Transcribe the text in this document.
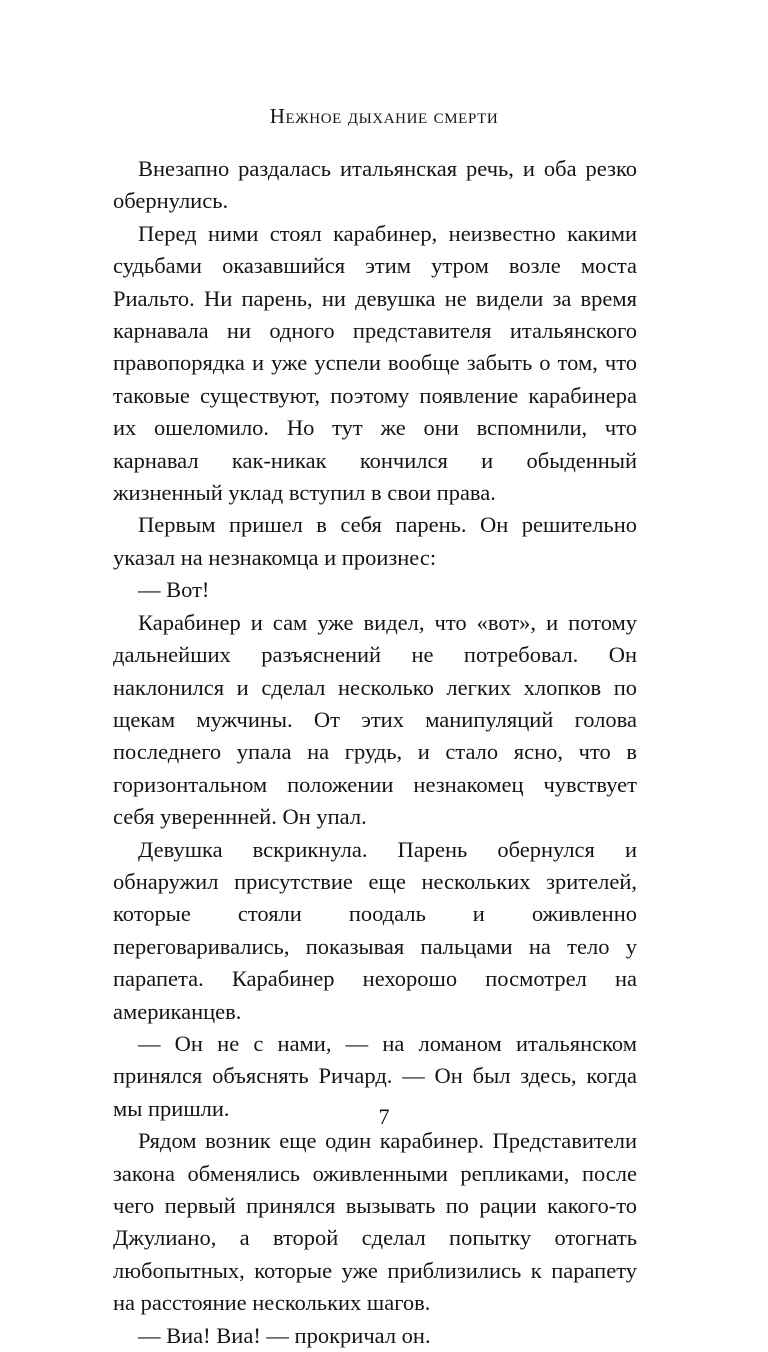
Нежное дыхание смерти

Внезапно раздалась итальянская речь, и оба резко обернулись.

Перед ними стоял карабинер, неизвестно какими судьбами оказавшийся этим утром возле моста Риальто. Ни парень, ни девушка не видели за время карнавала ни одного представителя итальянского правопорядка и уже успели вообще забыть о том, что таковые существуют, поэтому появление карабинера их ошеломило. Но тут же они вспомнили, что карнавал как-никак кончился и обыденный жизненный уклад вступил в свои права.

Первым пришел в себя парень. Он решительно указал на незнакомца и произнес:

— Вот!

Карабинер и сам уже видел, что «вот», и потому дальнейших разъяснений не потребовал. Он наклонился и сделал несколько легких хлопков по щекам мужчины. От этих манипуляций голова последнего упала на грудь, и стало ясно, что в горизонтальном положении незнакомец чувствует себя увереннней. Он упал.

Девушка вскрикнула. Парень обернулся и обнаружил присутствие еще нескольких зрителей, которые стояли поодаль и оживленно переговаривались, показывая пальцами на тело у парапета. Карабинер нехорошо посмотрел на американцев.

— Он не с нами, — на ломаном итальянском принялся объяснять Ричард. — Он был здесь, когда мы пришли.

Рядом возник еще один карабинер. Представители закона обменялись оживленными репликами, после чего первый принялся вызывать по рации какого-то Джулиано, а второй сделал попытку отогнать любопытных, которые уже приблизились к парапету на расстояние нескольких шагов.

— Виа! Виа! — прокричал он.

7
